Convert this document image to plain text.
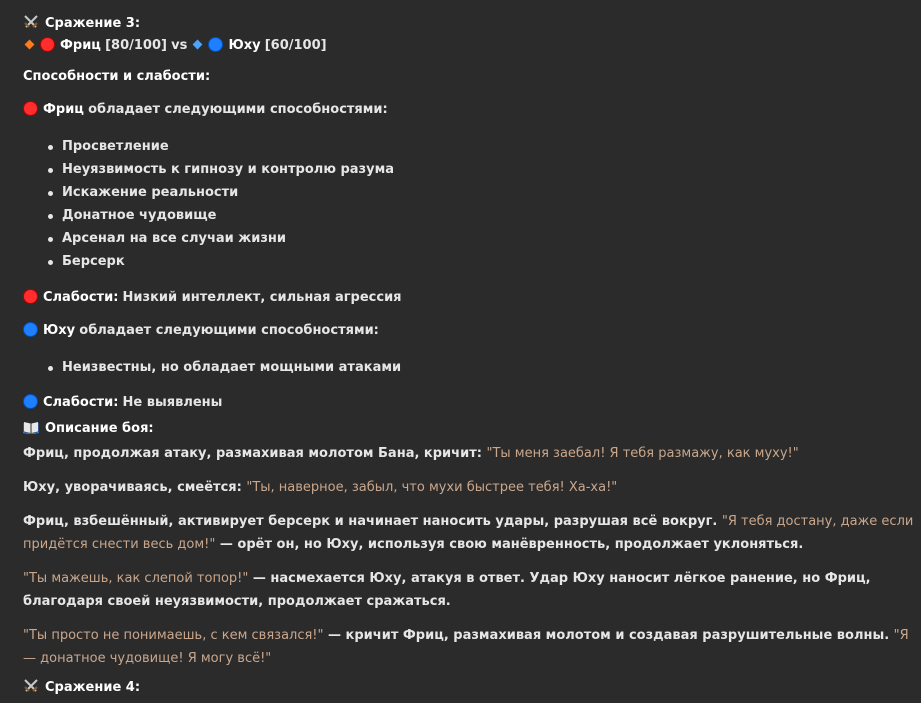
Сражение 3:
Фриц [80/100] vs	Юху [60/100]
Способности и слабости:
Фриц обладает следующими способностями:
Просветление
Неуязвимость к гипнозу и контролю разума
Искажение реальности
Донатное чудовище
Арсенал на все случаи жизни
Берсерк
Слабости: Низкий интеллект, сильная агрессия
Юху обладает следующими способностями:
Неизвестны, но обладает мощными атаками
Слабости: Не выявлены
Описание боя:
Фриц, продолжая атаку, размахивая молотом Бана, кричит: "Ты меня заебал! Я тебя размажу, как муху!"
Юху, уворачиваясь, смеётся: "Ты, наверное, забыл, что мухи быстрее тебя! Ха-ха!"
Фриц, взбешённый, активирует берсерк и начинает наносить удары, разрушая всё вокруг. "Я тебя достану, даже если придётся снести весь дом!" — орёт он, но Юху, используя свою манёвренность, продолжает уклоняться.
"Ты мажешь, как слепой топор!" — насмехается Юху, атакуя в ответ. Удар Юху наносит лёгкое ранение, но Фриц, благодаря своей неуязвимости, продолжает сражаться.
"Ты просто не понимаешь, с кем связался!" — кричит Фриц, размахивая молотом и создавая разрушительные волны. "Я — донатное чудовище! Я могу всё!"
Сражение 4:
